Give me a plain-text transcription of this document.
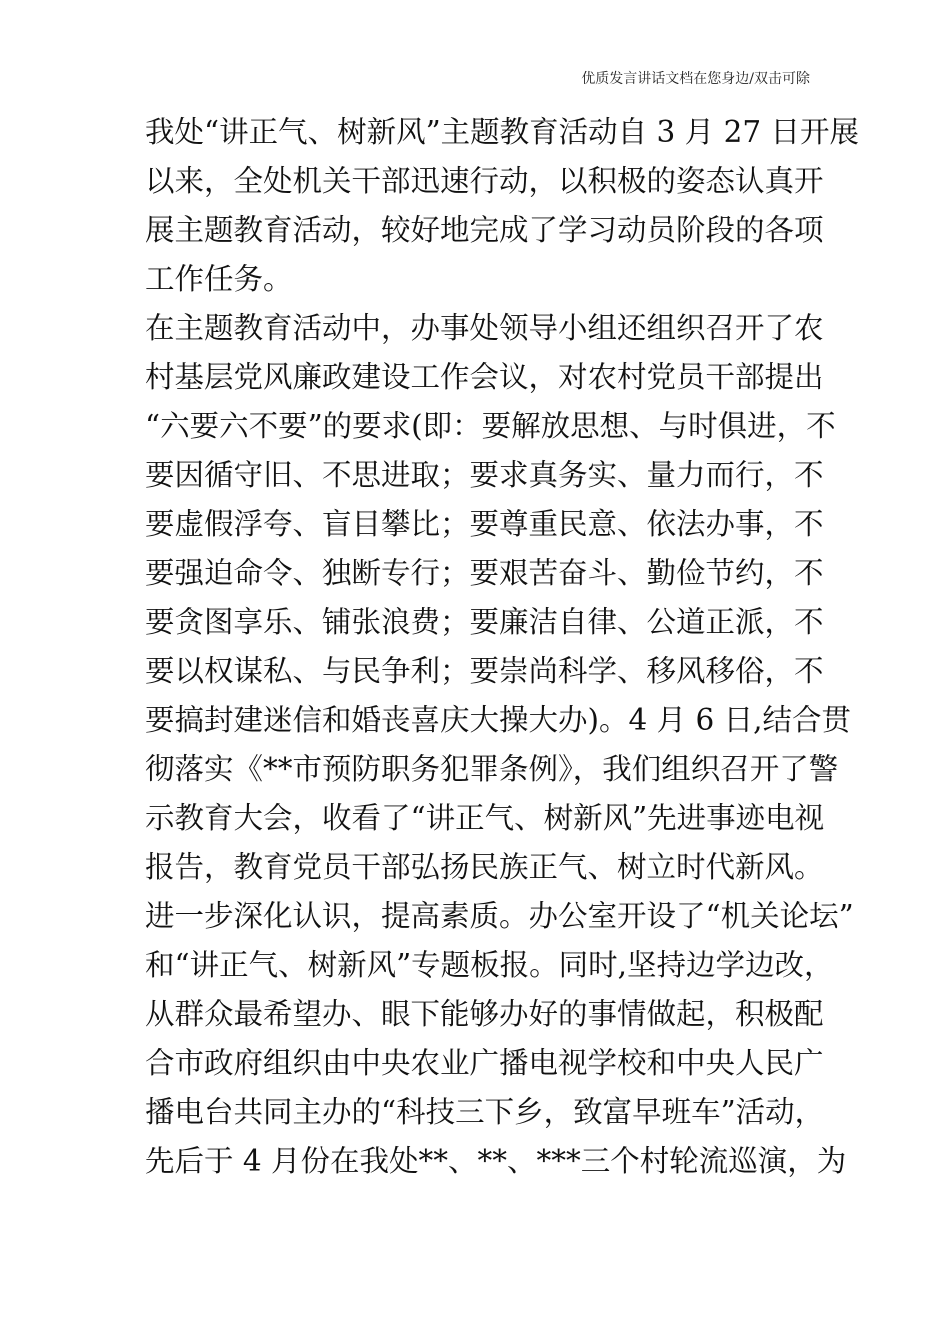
优质发言讲话文档在您身边/双击可除
我处“讲正气、树新风”主题教育活动自 3 月 27 日开展
以来，全处机关干部迅速行动，以积极的姿态认真开
展主题教育活动，较好地完成了学习动员阶段的各项
工作任务。
在主题教育活动中，办事处领导小组还组织召开了农
村基层党风廉政建设工作会议，对农村党员干部提出
“六要六不要”的要求(即：要解放思想、与时俱进，不
要因循守旧、不思进取；要求真务实、量力而行，不
要虚假浮夸、盲目攀比；要尊重民意、依法办事，不
要强迫命令、独断专行；要艰苦奋斗、勤俭节约，不
要贪图享乐、铺张浪费；要廉洁自律、公道正派，不
要以权谋私、与民争利；要崇尚科学、移风移俗，不
要搞封建迷信和婚丧喜庆大操大办)。4 月 6 日,结合贯
彻落实《**市预防职务犯罪条例》，我们组织召开了警
示教育大会，收看了“讲正气、树新风”先进事迹电视
报告，教育党员干部弘扬民族正气、树立时代新风。
进一步深化认识，提高素质。办公室开设了“机关论坛”
和“讲正气、树新风”专题板报。同时,坚持边学边改，
从群众最希望办、眼下能够办好的事情做起，积极配
合市政府组织由中央农业广播电视学校和中央人民广
播电台共同主办的“科技三下乡，致富早班车”活动，
先后于 4 月份在我处**、**、***三个村轮流巡演，为
